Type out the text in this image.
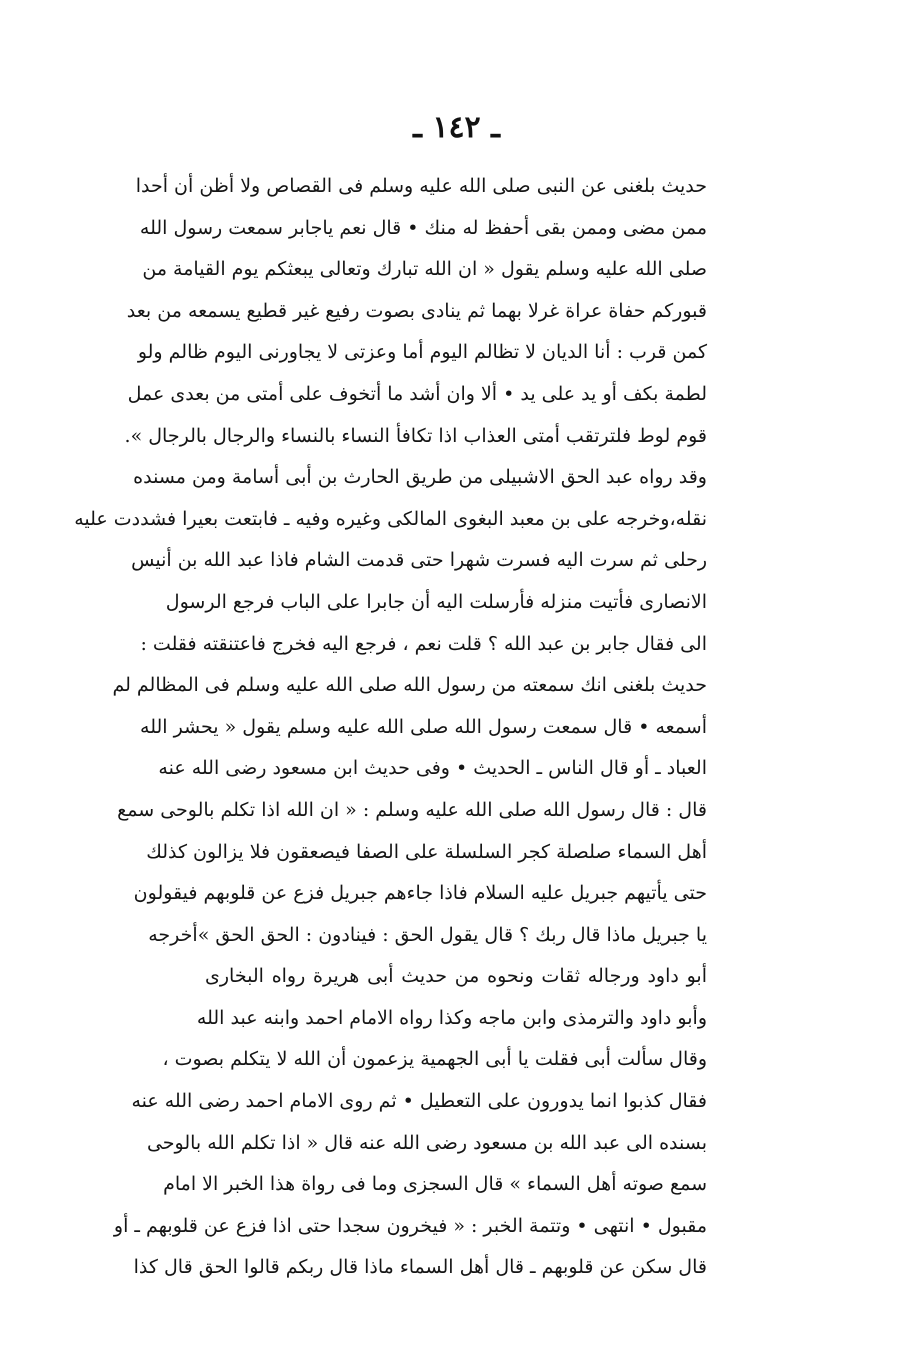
ـ ١٤٢ ـ
حديث بلغنى عن النبى صلى الله عليه وسلم فى القصاص ولا أظن أن أحدا
ممن مضى وممن بقى أحفظ له منك • قال نعم ياجابر سمعت رسول الله
صلى الله عليه وسلم يقول « ان الله تبارك وتعالى يبعثكم يوم القيامة من
قبوركم حفاة عراة غرلا بهما ثم ينادى بصوت رفيع غير قطيع يسمعه من بعد
كمن قرب : أنا الديان لا تظالم اليوم أما وعزتى لا يجاورنى اليوم ظالم ولو
لطمة بكف أو يد على يد • ألا وان أشد ما أتخوف على أمتى من بعدى عمل
قوم لوط فلترتقب أمتى العذاب اذا تكافأ النساء بالنساء والرجال بالرجال ».
وقد رواه عبد الحق الاشبيلى من طريق الحارث بن أبى أسامة ومن مسنده
نقله،وخرجه على بن معبد البغوى المالكى وغيره وفيه ـ فابتعت بعيرا فشددت عليه
رحلى ثم سرت اليه فسرت شهرا حتى قدمت الشام فاذا عبد الله بن أنيس
الانصارى فأتيت منزله فأرسلت اليه أن جابرا على الباب فرجع الرسول
الى فقال جابر بن عبد الله ؟ قلت نعم ، فرجع اليه فخرج فاعتنقته فقلت :
حديث بلغنى انك سمعته من رسول الله صلى الله عليه وسلم فى المظالم لم
أسمعه • قال سمعت رسول الله صلى الله عليه وسلم يقول « يحشر الله
العباد ـ أو قال الناس ـ الحديث • وفى حديث ابن مسعود رضى الله عنه
قال : قال رسول الله صلى الله عليه وسلم : « ان الله اذا تكلم بالوحى سمع
أهل السماء صلصلة كجر السلسلة على الصفا فيصعقون فلا يزالون كذلك
حتى يأتيهم جبريل عليه السلام فاذا جاءهم جبريل فزع عن قلوبهم فيقولون
يا جبريل ماذا قال ربك ؟ قال يقول الحق : فينادون : الحق الحق »أخرجه
أبو داود ورجاله ثقات ونحوه من حديث أبى هريرة رواه البخارى
وأبو داود والترمذى وابن ماجه وكذا رواه الامام احمد وابنه عبد الله
وقال سألت أبى فقلت يا أبى الجهمية يزعمون أن الله لا يتكلم بصوت ،
فقال كذبوا انما يدورون على التعطيل • ثم روى الامام احمد رضى الله عنه
بسنده الى عبد الله بن مسعود رضى الله عنه قال « اذا تكلم الله بالوحى
سمع صوته أهل السماء » قال السجزى وما فى رواة هذا الخبر الا امام
مقبول • انتهى • وتتمة الخبر : « فيخرون سجدا حتى اذا فزع عن قلوبهم ـ أو
قال سكن عن قلوبهم ـ قال أهل السماء ماذا قال ربكم قالوا الحق قال كذا
